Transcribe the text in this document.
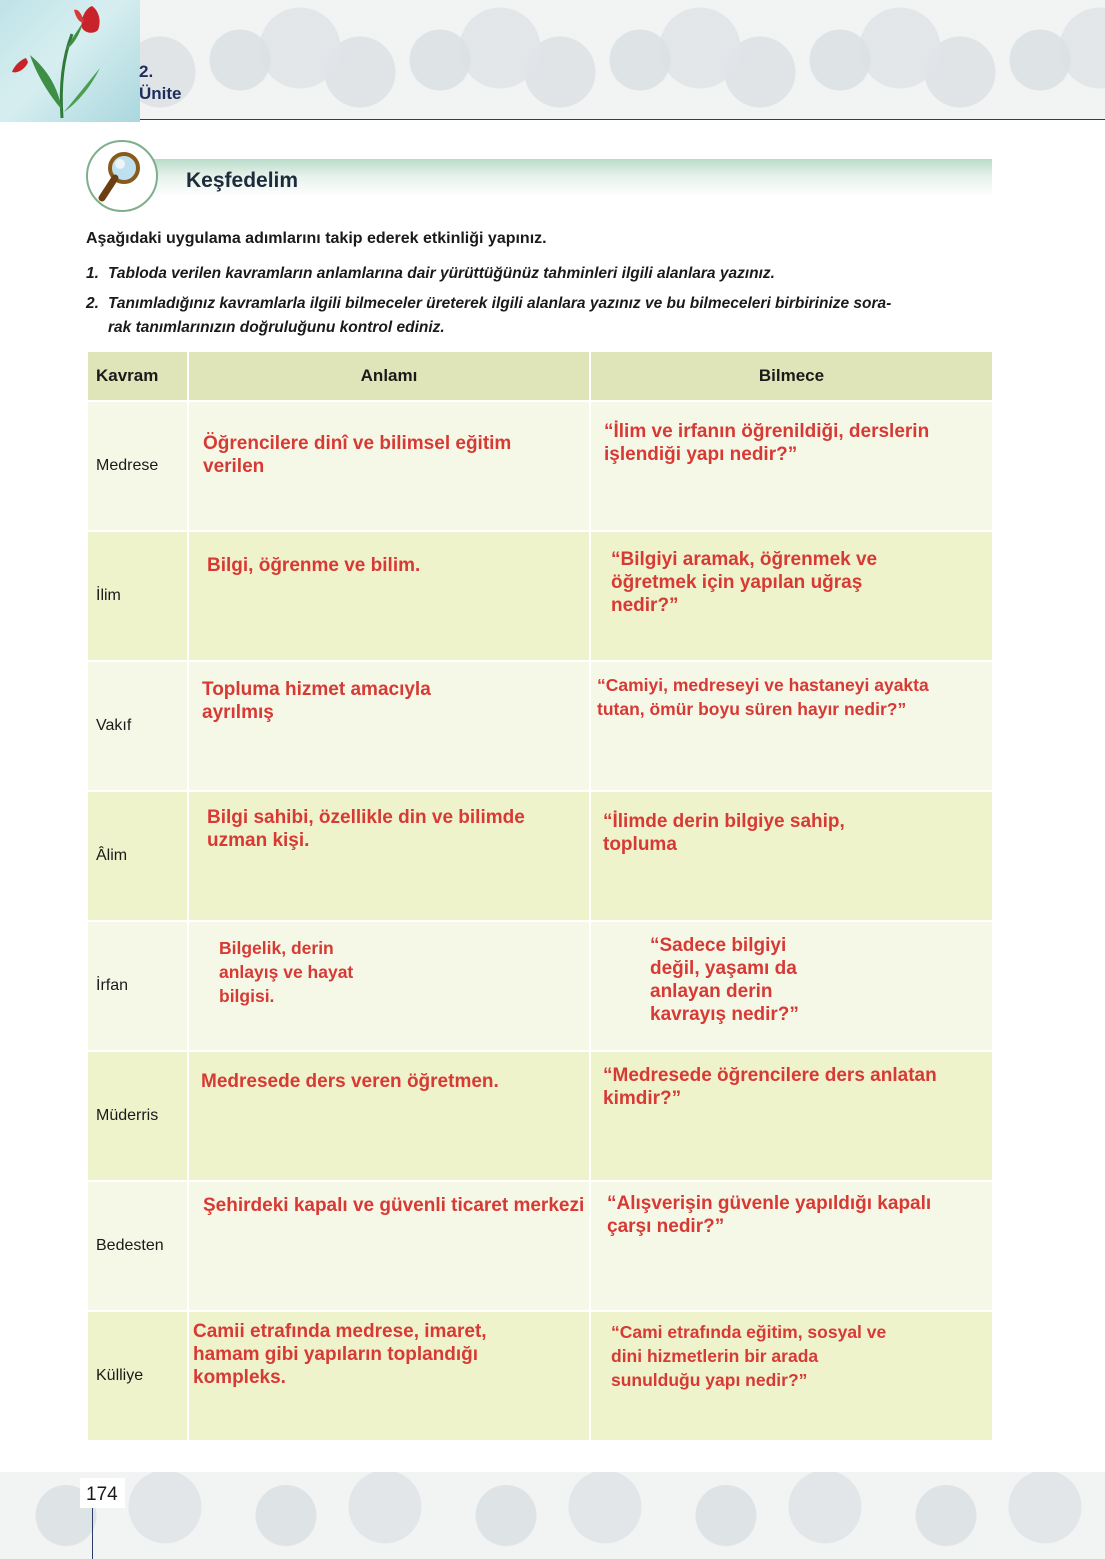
2.
Ünite
Keşfedelim
Aşağıdaki uygulama adımlarını takip ederek etkinliği yapınız.
1. Tabloda verilen kavramların anlamlarına dair yürüttüğünüz tahminleri ilgili alanlara yazınız.
2. Tanımladığınız kavramlarla ilgili bilmeceler üreterek ilgili alanlara yazınız ve bu bilmeceleri birbirinize sora-
rak tanımlarınızın doğruluğunu kontrol ediniz.
Kavram	Anlamı	Bilmece
Medrese	Öğrencilere dinî ve bilimsel eğitim verilen	“İlim ve irfanın öğrenildiği, derslerin işlendiği yapı nedir?”

İlim	Bilgi, öğrenme ve bilim.	“Bilgiyi aramak, öğrenmek ve öğretmek için yapılan uğraş nedir?”

Vakıf	Topluma hizmet amacıyla ayrılmış	“Camiyi, medreseyi ve hastaneyi ayakta tutan, ömür boyu süren hayır nedir?”

Âlim	Bilgi sahibi, özellikle din ve bilimde uzman kişi.	“İlimde derin bilgiye sahip, topluma

İrfan	Bilgelik, derin anlayış ve hayat bilgisi.	“Sadece bilgiyi değil, yaşamı da anlayan derin kavrayış nedir?”

Müderris	Medresede ders veren öğretmen.	“Medresede öğrencilere ders anlatan kimdir?”

Bedesten	Şehirdeki kapalı ve güvenli ticaret merkezi	“Alışverişin güvenle yapıldığı kapalı çarşı nedir?”

Külliye	Camii etrafında medrese, imaret, hamam gibi yapıların toplandığı kompleks.	“Cami etrafında eğitim, sosyal ve dini hizmetlerin bir arada sunulduğu yapı nedir?”
174
